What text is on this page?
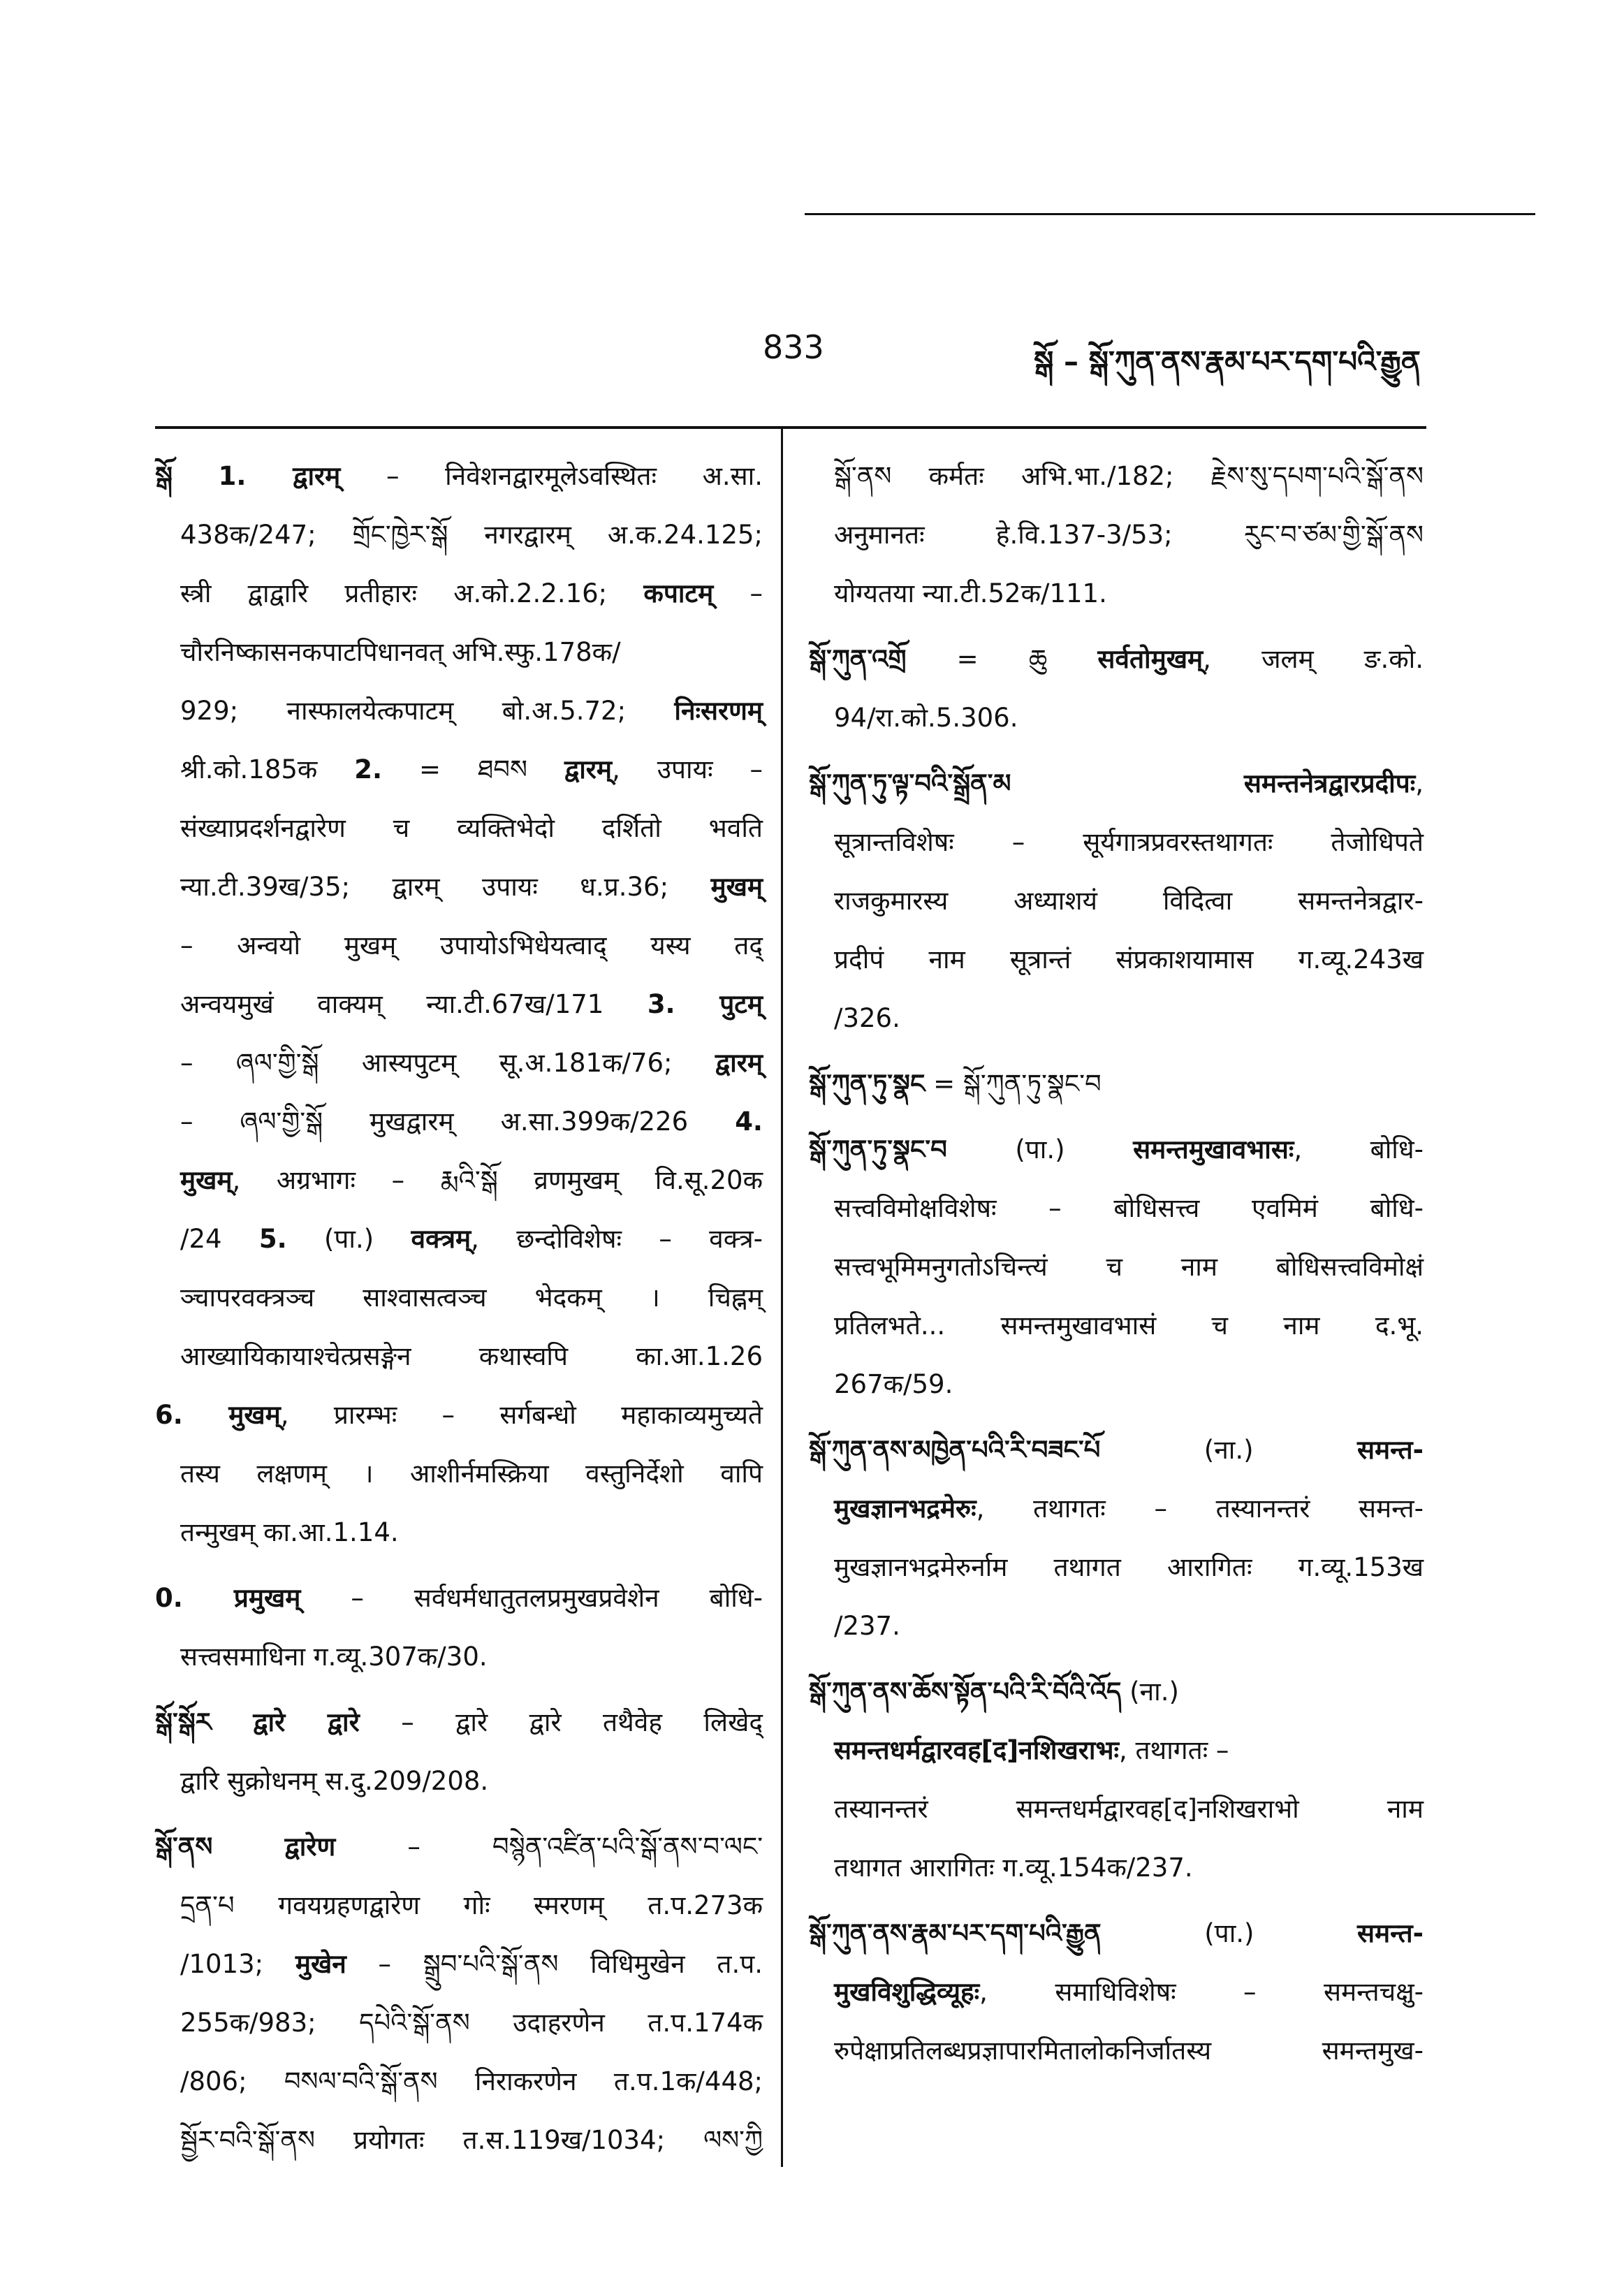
833	སྒོ – སྒོ་ཀུན་ནས་རྣམ་པར་དག་པའི་རྒྱུན
སྒོ 1. द्वारम् – निवेशनद्वारमूलेऽवस्थितः अ.सा.
438क/247; གྲོང་ཁྱེར་སྒོ नगरद्वारम् अ.क.24.125;
स्त्री द्वाद्वारि प्रतीहारः अ.को.2.2.16; कपाटम् –
चौरनिष्कासनकपाटपिधानवत् अभि.स्फु.178क/
929; नास्फालयेत्कपाटम् बो.अ.5.72; निःसरणम्
श्री.को.185क 2. = ཐབས द्वारम्, उपायः –
संख्याप्रदर्शनद्वारेण च व्यक्तिभेदो दर्शितो भवति
न्या.टी.39ख/35; द्वारम् उपायः ध.प्र.36; मुखम्
– अन्वयो मुखम् उपायोऽभिधेयत्वाद् यस्य तद्
अन्वयमुखं वाक्यम् न्या.टी.67ख/171 3. पुटम्
– ཞལ་གྱི་སྒོ आस्यपुटम् सू.अ.181क/76; द्वारम्
– ཞལ་གྱི་སྒོ मुखद्वारम् अ.सा.399क/226 4.
मुखम्, अग्रभागः – རྨའི་སྒོ व्रणमुखम् वि.सू.20क
/24 5. (पा.) वक्त्रम्, छन्दोविशेषः – वक्त्र-
ञ्चापरवक्त्रञ्च साश्वासत्वञ्च भेदकम् । चिह्नम्
आख्यायिकायाश्चेत्प्रसङ्गेन कथास्वपि का.आ.1.26
6. मुखम्, प्रारम्भः – सर्गबन्धो महाकाव्यमुच्यते
तस्य लक्षणम् । आशीर्नमस्क्रिया वस्तुनिर्देशो वापि
तन्मुखम् का.आ.1.14.
0. प्रमुखम् – सर्वधर्मधातुतलप्रमुखप्रवेशेन बोधि-
सत्त्वसमाधिना ग.व्यू.307क/30.
སྒོ་སྒོར द्वारे द्वारे – द्वारे द्वारे तथैवेह लिखेद्
द्वारि सुक्रोधनम् स.दु.209/208.
སྒོ་ནས	द्वारेण – བསྙེན་འཛིན་པའི་སྒོ་ནས་བ་ལང་
དྲན་པ गवयग्रहणद्वारेण गोः स्मरणम् त.प.273क
/1013; मुखेन – སྒྲུབ་པའི་སྒོ་ནས विधिमुखेन त.प.
255क/983; དཔེའི་སྒོ་ནས उदाहरणेन त.प.174क
/806; བསལ་བའི་སྒོ་ནས निराकरणेन त.प.1क/448;
སྦྱོར་བའི་སྒོ་ནས प्रयोगतः त.स.119ख/1034; ལས་ཀྱི
སྒོ་ནས कर्मतः अभि.भा./182; རྗེས་སུ་དཔག་པའི་སྒོ་ནས
अनुमानतः हे.वि.137-3/53; རུང་བ་ཙམ་གྱི་སྒོ་ནས
योग्यतया न्या.टी.52क/111.
སྒོ་ཀུན་འགྲོ = ཆུ सर्वतोमुखम्, जलम् ङ.को.
94/रा.को.5.306.
སྒོ་ཀུན་ཏུ་ལྟ་བའི་སྒྲོན་མ	समन्तनेत्रद्वारप्रदीपः,
सूत्रान्तविशेषः – सूर्यगात्रप्रवरस्तथागतः तेजोधिपते
राजकुमारस्य अध्याशयं विदित्वा समन्तनेत्रद्वार-
प्रदीपं नाम सूत्रान्तं संप्रकाशयामास ग.व्यू.243ख
/326.
སྒོ་ཀུན་ཏུ་སྣང = སྒོ་ཀུན་ཏུ་སྣང་བ
སྒོ་ཀུན་ཏུ་སྣང་བ (पा.) समन्तमुखावभासः, बोधि-
सत्त्वविमोक्षविशेषः – बोधिसत्त्व एवमिमं बोधि-
सत्त्वभूमिमनुगतोऽचिन्त्यं च नाम बोधिसत्त्वविमोक्षं
प्रतिलभते... समन्तमुखावभासं च नाम द.भू.
267क/59.
སྒོ་ཀུན་ནས་མཁྱེན་པའི་རི་བཟང་པོ (ना.) समन्त-
मुखज्ञानभद्रमेरुः, तथागतः – तस्यानन्तरं समन्त-
मुखज्ञानभद्रमेरुर्नाम तथागत आरागितः ग.व्यू.153ख
/237.
སྒོ་ཀུན་ནས་ཆོས་སྟོན་པའི་རི་བོའི་འོད (ना.)
समन्तधर्मद्वारवह[द]नशिखराभः, तथागतः –
तस्यानन्तरं समन्तधर्मद्वारवह[द]नशिखराभो नाम
तथागत आरागितः ग.व्यू.154क/237.
སྒོ་ཀུན་ནས་རྣམ་པར་དག་པའི་རྒྱུན (पा.) समन्त-
मुखविशुद्धिव्यूहः, समाधिविशेषः – समन्तचक्षु-
रुपेक्षाप्रतिलब्धप्रज्ञापारमितालोकनिर्जातस्य समन्तमुख-
